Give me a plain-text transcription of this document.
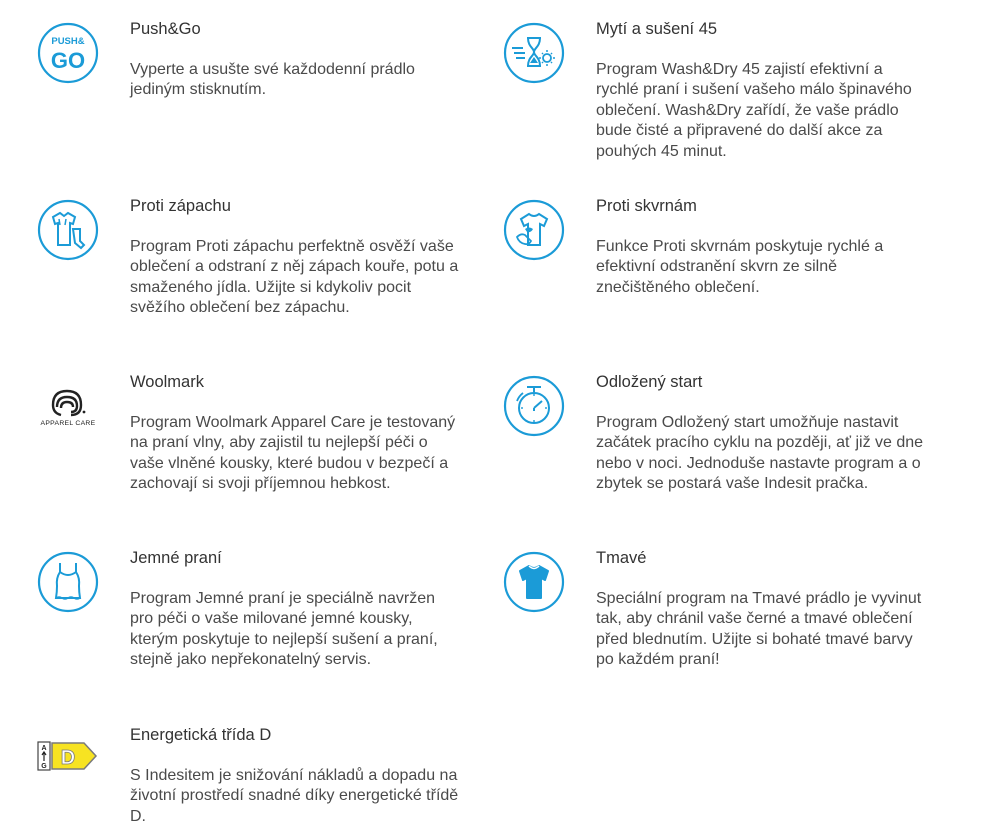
PUSH&
GO
Push&Go
Vyperte a usušte své každodenní prádlo jediným stisknutím.
Mytí a sušení 45
Program Wash&Dry 45 zajistí efektivní a rychlé praní i sušení vašeho málo špinavého oblečení. Wash&Dry zařídí, že vaše prádlo bude čisté a připravené do další akce za pouhých 45 minut.
Proti zápachu
Program Proti zápachu perfektně osvěží vaše oblečení a odstraní z něj zápach kouře, potu a smaženého jídla. Užijte si kdykoliv pocit svěžího oblečení bez zápachu.
Proti skvrnám
Funkce Proti skvrnám poskytuje rychlé a efektivní odstranění skvrn ze silně znečištěného oblečení.
APPAREL CARE
Woolmark
Program Woolmark Apparel Care je testovaný na praní vlny, aby zajistil tu nejlepší péči o vaše vlněné kousky, které budou v bezpečí a zachovají si svoji příjemnou hebkost.
Odložený start
Program Odložený start umožňuje nastavit začátek pracího cyklu na později, ať již ve dne nebo v noci. Jednoduše nastavte program a o zbytek se postará vaše Indesit pračka.
Jemné praní
Program Jemné praní je speciálně navržen pro péči o vaše milované jemné kousky, kterým poskytuje to nejlepší sušení a praní, stejně jako nepřekonatelný servis.
Tmavé
Speciální program na Tmavé prádlo je vyvinut tak, aby chránil vaše černé a tmavé oblečení před blednutím. Užijte si bohaté tmavé barvy po každém praní!
A
G D
Energetická třída D
S Indesitem je snižování nákladů a dopadu na životní prostředí snadné díky energetické třídě D.
